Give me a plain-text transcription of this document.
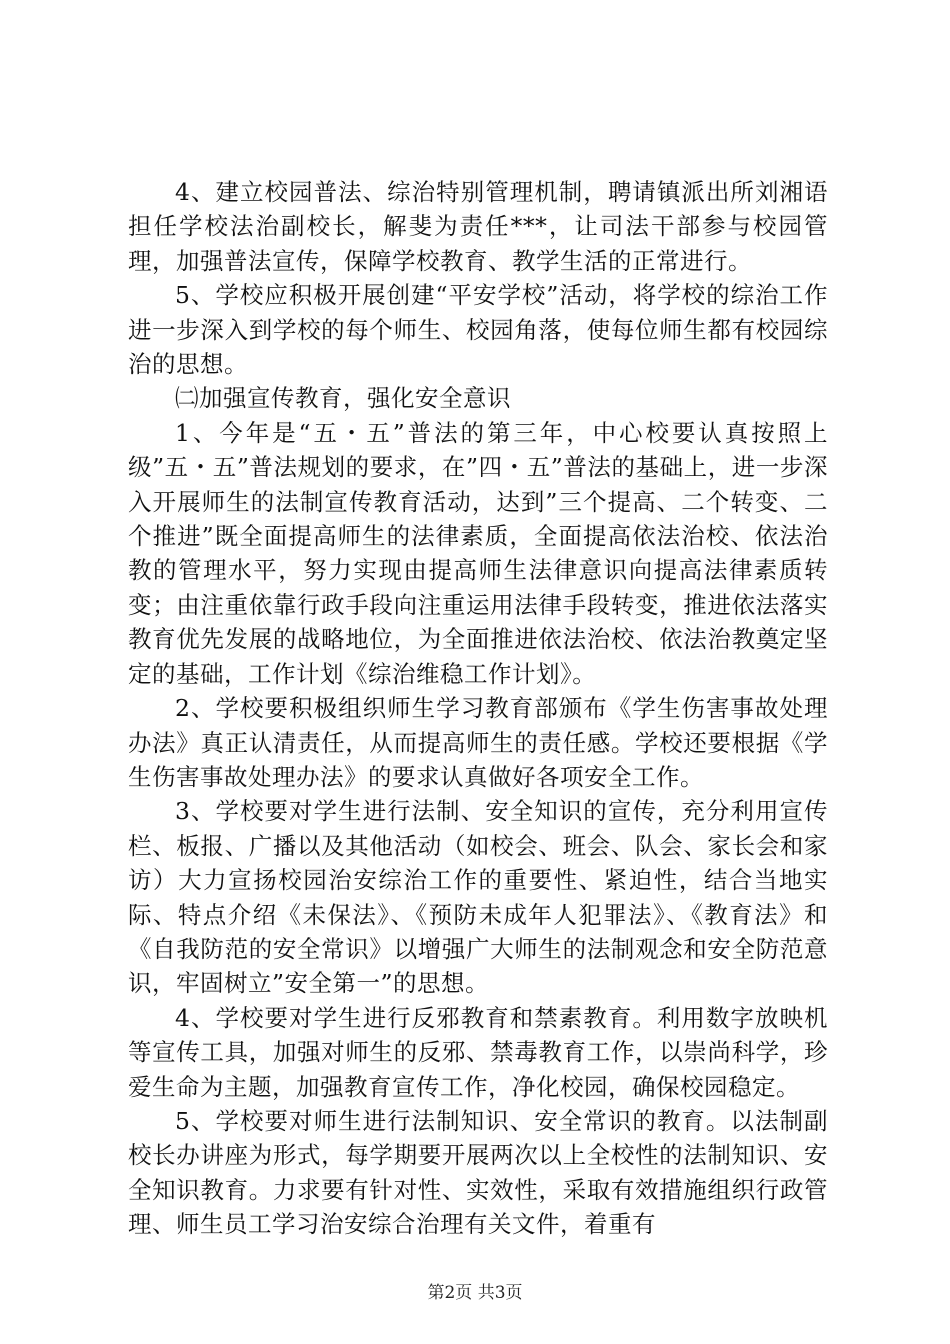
4、建立校园普法、综治特别管理机制，聘请镇派出所刘湘语担任学校法治副校长，解斐为责任***，让司法干部参与校园管理，加强普法宣传，保障学校教育、教学生活的正常进行。

5、学校应积极开展创建“平安学校”活动，将学校的综治工作进一步深入到学校的每个师生、校园角落，使每位师生都有校园综治的思想。

㈡加强宣传教育，强化安全意识

1、今年是“五・五”普法的第三年，中心校要认真按照上级”五・五”普法规划的要求，在”四・五”普法的基础上，进一步深入开展师生的法制宣传教育活动，达到”三个提高、二个转变、二个推进”既全面提高师生的法律素质，全面提高依法治校、依法治教的管理水平，努力实现由提高师生法律意识向提高法律素质转变；由注重依靠行政手段向注重运用法律手段转变，推进依法落实教育优先发展的战略地位，为全面推进依法治校、依法治教奠定坚定的基础，工作计划《综治维稳工作计划》。

2、学校要积极组织师生学习教育部颁布《学生伤害事故处理办法》真正认清责任，从而提高师生的责任感。学校还要根据《学生伤害事故处理办法》的要求认真做好各项安全工作。

3、学校要对学生进行法制、安全知识的宣传，充分利用宣传栏、板报、广播以及其他活动（如校会、班会、队会、家长会和家访）大力宣扬校园治安综治工作的重要性、紧迫性，结合当地实际、特点介绍《未保法》、《预防未成年人犯罪法》、《教育法》和《自我防范的安全常识》以增强广大师生的法制观念和安全防范意识，牢固树立”安全第一”的思想。

4、学校要对学生进行反邪教育和禁素教育。利用数字放映机等宣传工具，加强对师生的反邪、禁毒教育工作，以崇尚科学，珍爱生命为主题，加强教育宣传工作，净化校园，确保校园稳定。

5、学校要对师生进行法制知识、安全常识的教育。以法制副校长办讲座为形式，每学期要开展两次以上全校性的法制知识、安全知识教育。力求要有针对性、实效性，采取有效措施组织行政管理、师生员工学习治安综合治理有关文件，着重有

第2页 共3页
